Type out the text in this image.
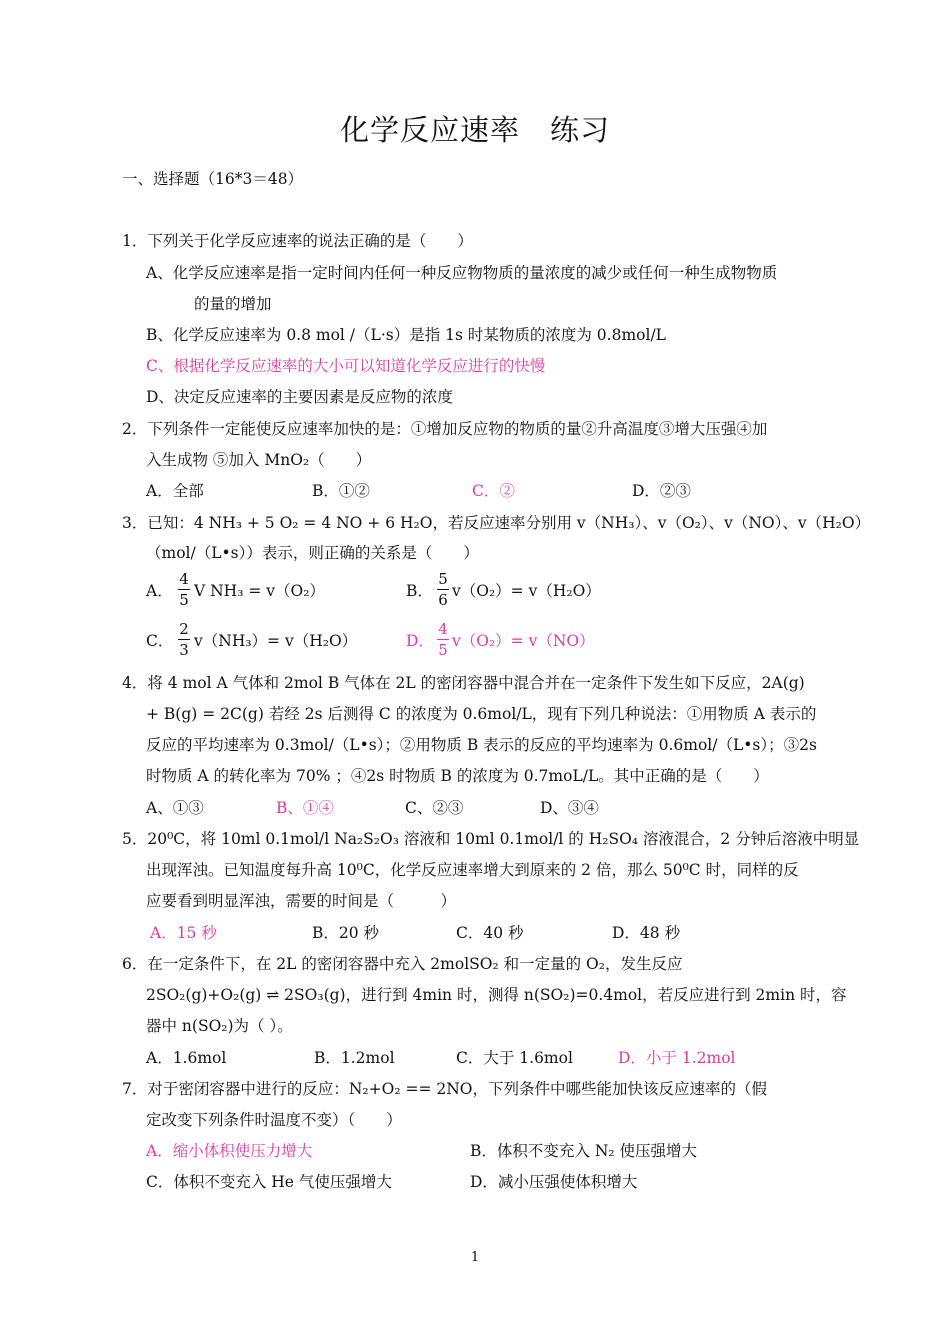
化学反应速率　练习
一、选择题（16*3＝48）
1．下列关于化学反应速率的说法正确的是（　　）
A、化学反应速率是指一定时间内任何一种反应物物质的量浓度的减少或任何一种生成物物质
的量的增加
B、化学反应速率为 0.8 mol /（L·s）是指 1s 时某物质的浓度为 0.8mol/L
C、根据化学反应速率的大小可以知道化学反应进行的快慢
D、决定反应速率的主要因素是反应物的浓度
2．下列条件一定能使反应速率加快的是：①增加反应物的物质的量②升高温度③增大压强④加
入生成物 ⑤加入 MnO₂（　　）
A．全部	B．①②	C．②	D．②③
3．已知：4 NH₃ + 5 O₂ = 4 NO + 6 H₂O，若反应速率分别用 v（NH₃）、v（O₂）、v（NO）、v（H₂O）
（mol/（L•s））表示，则正确的关系是（　　）
A．
4
5 V NH₃ = v（O₂）	B．
5
6 v（O₂）= v（H₂O）
C．
2
3 v（NH₃）= v（H₂O）	D．
4
5 v（O₂）= v（NO）
4．将 4 mol A 气体和 2mol B 气体在 2L 的密闭容器中混合并在一定条件下发生如下反应，2A(g)
+ B(g) = 2C(g) 若经 2s 后测得 C 的浓度为 0.6mol/L，现有下列几种说法：①用物质 A 表示的
反应的平均速率为 0.3mol/（L•s）；②用物质 B 表示的反应的平均速率为 0.6mol/（L•s）；③2s
时物质 A 的转化率为 70% ；④2s 时物质 B 的浓度为 0.7moL/L。其中正确的是（　　）
A、①③	B、①④	C、②③	D、③④
5．20⁰C，将 10ml 0.1mol/l Na₂S₂O₃ 溶液和 10ml 0.1mol/l 的 H₂SO₄ 溶液混合，2 分钟后溶液中明显
出现浑浊。已知温度每升高 10⁰C，化学反应速率增大到原来的 2 倍，那么 50⁰C 时，同样的反
应要看到明显浑浊，需要的时间是（　　　）
A．15 秒	B．20 秒	C．40 秒	D．48 秒
6．在一定条件下，在 2L 的密闭容器中充入 2molSO₂ 和一定量的 O₂，发生反应
2SO₂(g)+O₂(g) ⇌ 2SO₃(g)，进行到 4min 时，测得 n(SO₂)=0.4mol，若反应进行到 2min 时，容
器中 n(SO₂)为（ ）。
A．1.6mol	B．1.2mol	C．大于 1.6mol	D．小于 1.2mol
7．对于密闭容器中进行的反应：N₂+O₂ == 2NO，下列条件中哪些能加快该反应速率的（假
定改变下列条件时温度不变）（　　）
A．缩小体积使压力增大	B．体积不变充入 N₂ 使压强增大
C．体积不变充入 He 气使压强增大	D．减小压强使体积增大
1
